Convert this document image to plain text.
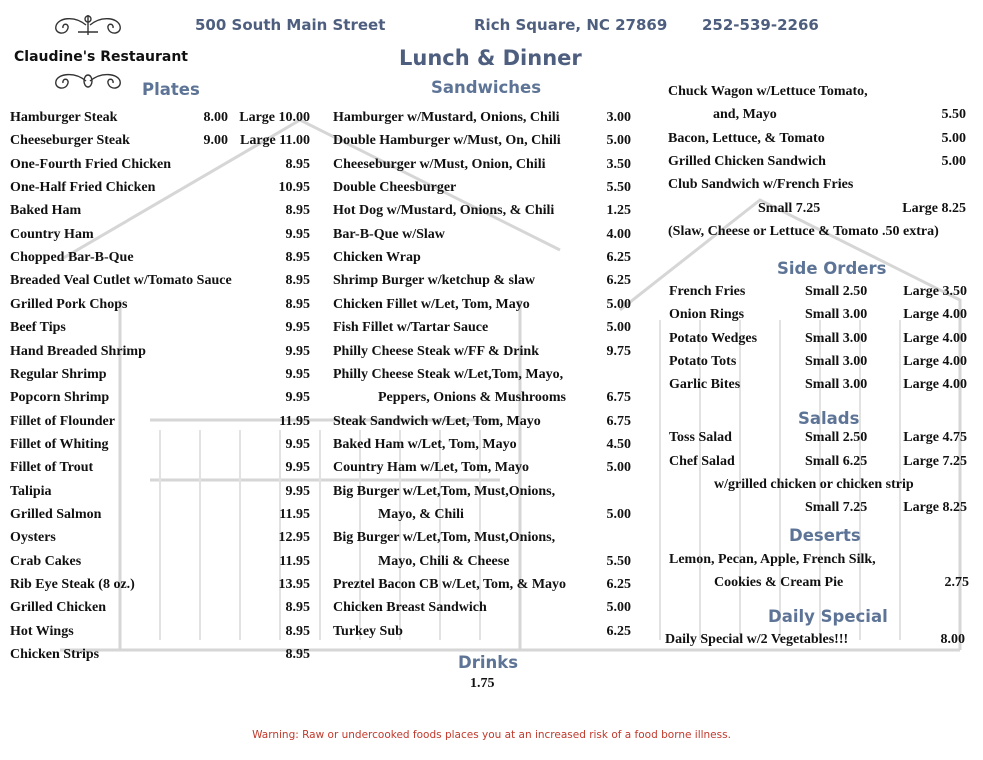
500 South Main Street	Rich Square, NC 27869 252-539-2266
Claudine's Restaurant	Lunch & Dinner
Plates	Sandwiches
Hamburger Steak	8.00 Large 10.00
Cheeseburger Steak	9.00 Large 11.00
One-Fourth Fried Chicken	8.95
One-Half Fried Chicken	10.95
Baked Ham	8.95
Country Ham	9.95
Chopped Bar-B-Que	8.95
Breaded Veal Cutlet w/Tomato Sauce	8.95
Grilled Pork Chops	8.95
Beef Tips	9.95
Hand Breaded Shrimp	9.95
Regular Shrimp	9.95
Popcorn Shrimp	9.95
Fillet of Flounder	11.95
Fillet of Whiting	9.95
Fillet of Trout	9.95
Talipia	9.95
Grilled Salmon	11.95
Oysters	12.95
Crab Cakes	11.95
Rib Eye Steak (8 oz.)	13.95
Grilled Chicken	8.95
Hot Wings	8.95
Chicken Strips	8.95
Hamburger w/Mustard, Onions, Chili	3.00
Double Hamburger w/Must, On, Chili	5.00
Cheeseburger w/Must, Onion, Chili	3.50
Double Cheesburger	5.50
Hot Dog w/Mustard, Onions, & Chili	1.25
Bar-B-Que w/Slaw	4.00
Chicken Wrap	6.25
Shrimp Burger w/ketchup & slaw	6.25
Chicken Fillet w/Let, Tom, Mayo	5.00
Fish Fillet w/Tartar Sauce	5.00
Philly Cheese Steak w/FF & Drink	9.75
Philly Cheese Steak w/Let,Tom, Mayo,
Peppers, Onions & Mushrooms	6.75
Steak Sandwich w/Let, Tom, Mayo	6.75
Baked Ham w/Let, Tom, Mayo	4.50
Country Ham w/Let, Tom, Mayo	5.00
Big Burger w/Let,Tom, Must,Onions,
Mayo, & Chili	5.00
Big Burger w/Let,Tom, Must,Onions,
Mayo, Chili & Cheese	5.50
Preztel Bacon CB w/Let, Tom, & Mayo	6.25
Chicken Breast Sandwich	5.00
Turkey Sub	6.25
Drinks
1.75
Chuck Wagon w/Lettuce Tomato,
and, Mayo	5.50
Bacon, Lettuce, & Tomato	5.00
Grilled Chicken Sandwich	5.00
Club Sandwich w/French Fries
Small 7.25	Large 8.25
(Slaw, Cheese or Lettuce & Tomato .50 extra)
Side Orders
French Fries	Small 2.50	Large 3.50
Onion Rings	Small 3.00	Large 4.00
Potato Wedges	Small 3.00	Large 4.00
Potato Tots	Small 3.00	Large 4.00
Garlic Bites	Small 3.00	Large 4.00
Salads
Toss Salad	Small 2.50	Large 4.75
Chef Salad	Small 6.25	Large 7.25
w/grilled chicken or chicken strip
Small 7.25	Large 8.25
Deserts
Lemon, Pecan, Apple, French Silk,
Cookies & Cream Pie	2.75
Daily Special
Daily Special w/2 Vegetables!!!	8.00
Warning: Raw or undercooked foods places you at an increased risk of a food borne illness.
